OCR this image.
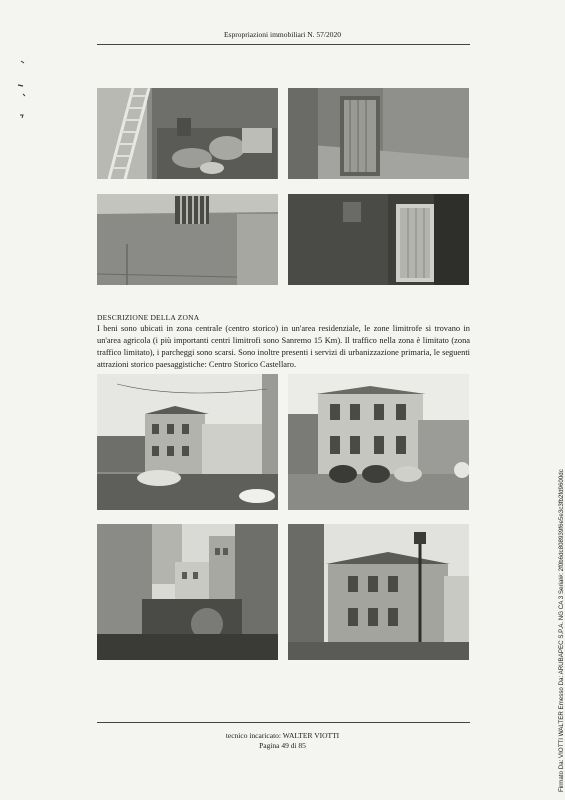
Espropriazioni immobiliari N. 57/2020
DESCRIZIONE DELLA ZONA
I beni sono ubicati in zona centrale (centro storico) in un'area residenziale, le zone limitrofe si trovano in un'area agricola (i più importanti centri limitrofi sono Sanremo 15 Km). Il traffico nella zona è limitato (zona traffico limitato), i parcheggi sono scarsi. Sono inoltre presenti i servizi di urbanizzazione primaria, le seguenti attrazioni storico paesaggistiche: Centro Storico Castellaro.
tecnico incaricato: WALTER VIOTTI
Pagina 49 di 85	Firmato Da: VIOTTI WALTER Emesso Da: ARUBAPEC S.P.A. NG CA 3 Serial#: 2f0b6dc808939f6e5e3c3fb2fd9600dc
